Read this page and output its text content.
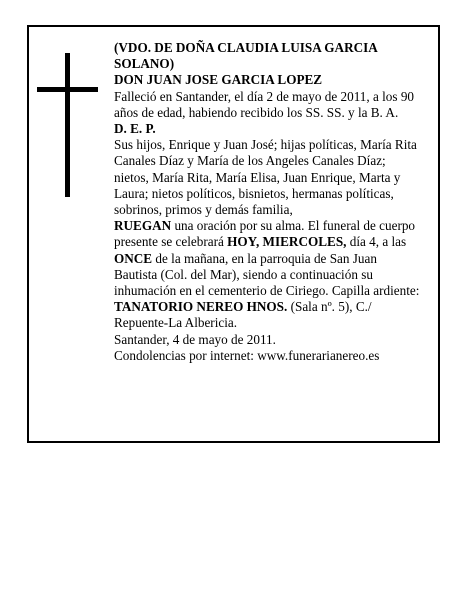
(VDO. DE DOÑA CLAUDIA LUISA GARCIA SOLANO)

DON JUAN JOSE GARCIA LOPEZ

Falleció en Santander, el día 2 de mayo de 2011, a los 90 años de edad, habiendo recibido los SS. SS. y la B. A.

D. E. P.

Sus hijos, Enrique y Juan José; hijas políticas, María Rita Canales Díaz y María de los Angeles Canales Díaz; nietos, María Rita, María Elisa, Juan Enrique, Marta y Laura; nietos políticos, bisnietos, hermanas políticas, sobrinos, primos y demás familia,

RUEGAN una oración por su alma. El funeral de cuerpo presente se celebrará HOY, MIERCOLES, día 4, a las ONCE de la mañana, en la parroquia de San Juan Bautista (Col. del Mar), siendo a continuación su inhumación en el cementerio de Ciriego. Capilla ardiente: TANATORIO NEREO HNOS. (Sala nº. 5), C./ Repuente-La Albericia.

Santander, 4 de mayo de 2011.

Condolencias por internet: www.funerarianereo.es
